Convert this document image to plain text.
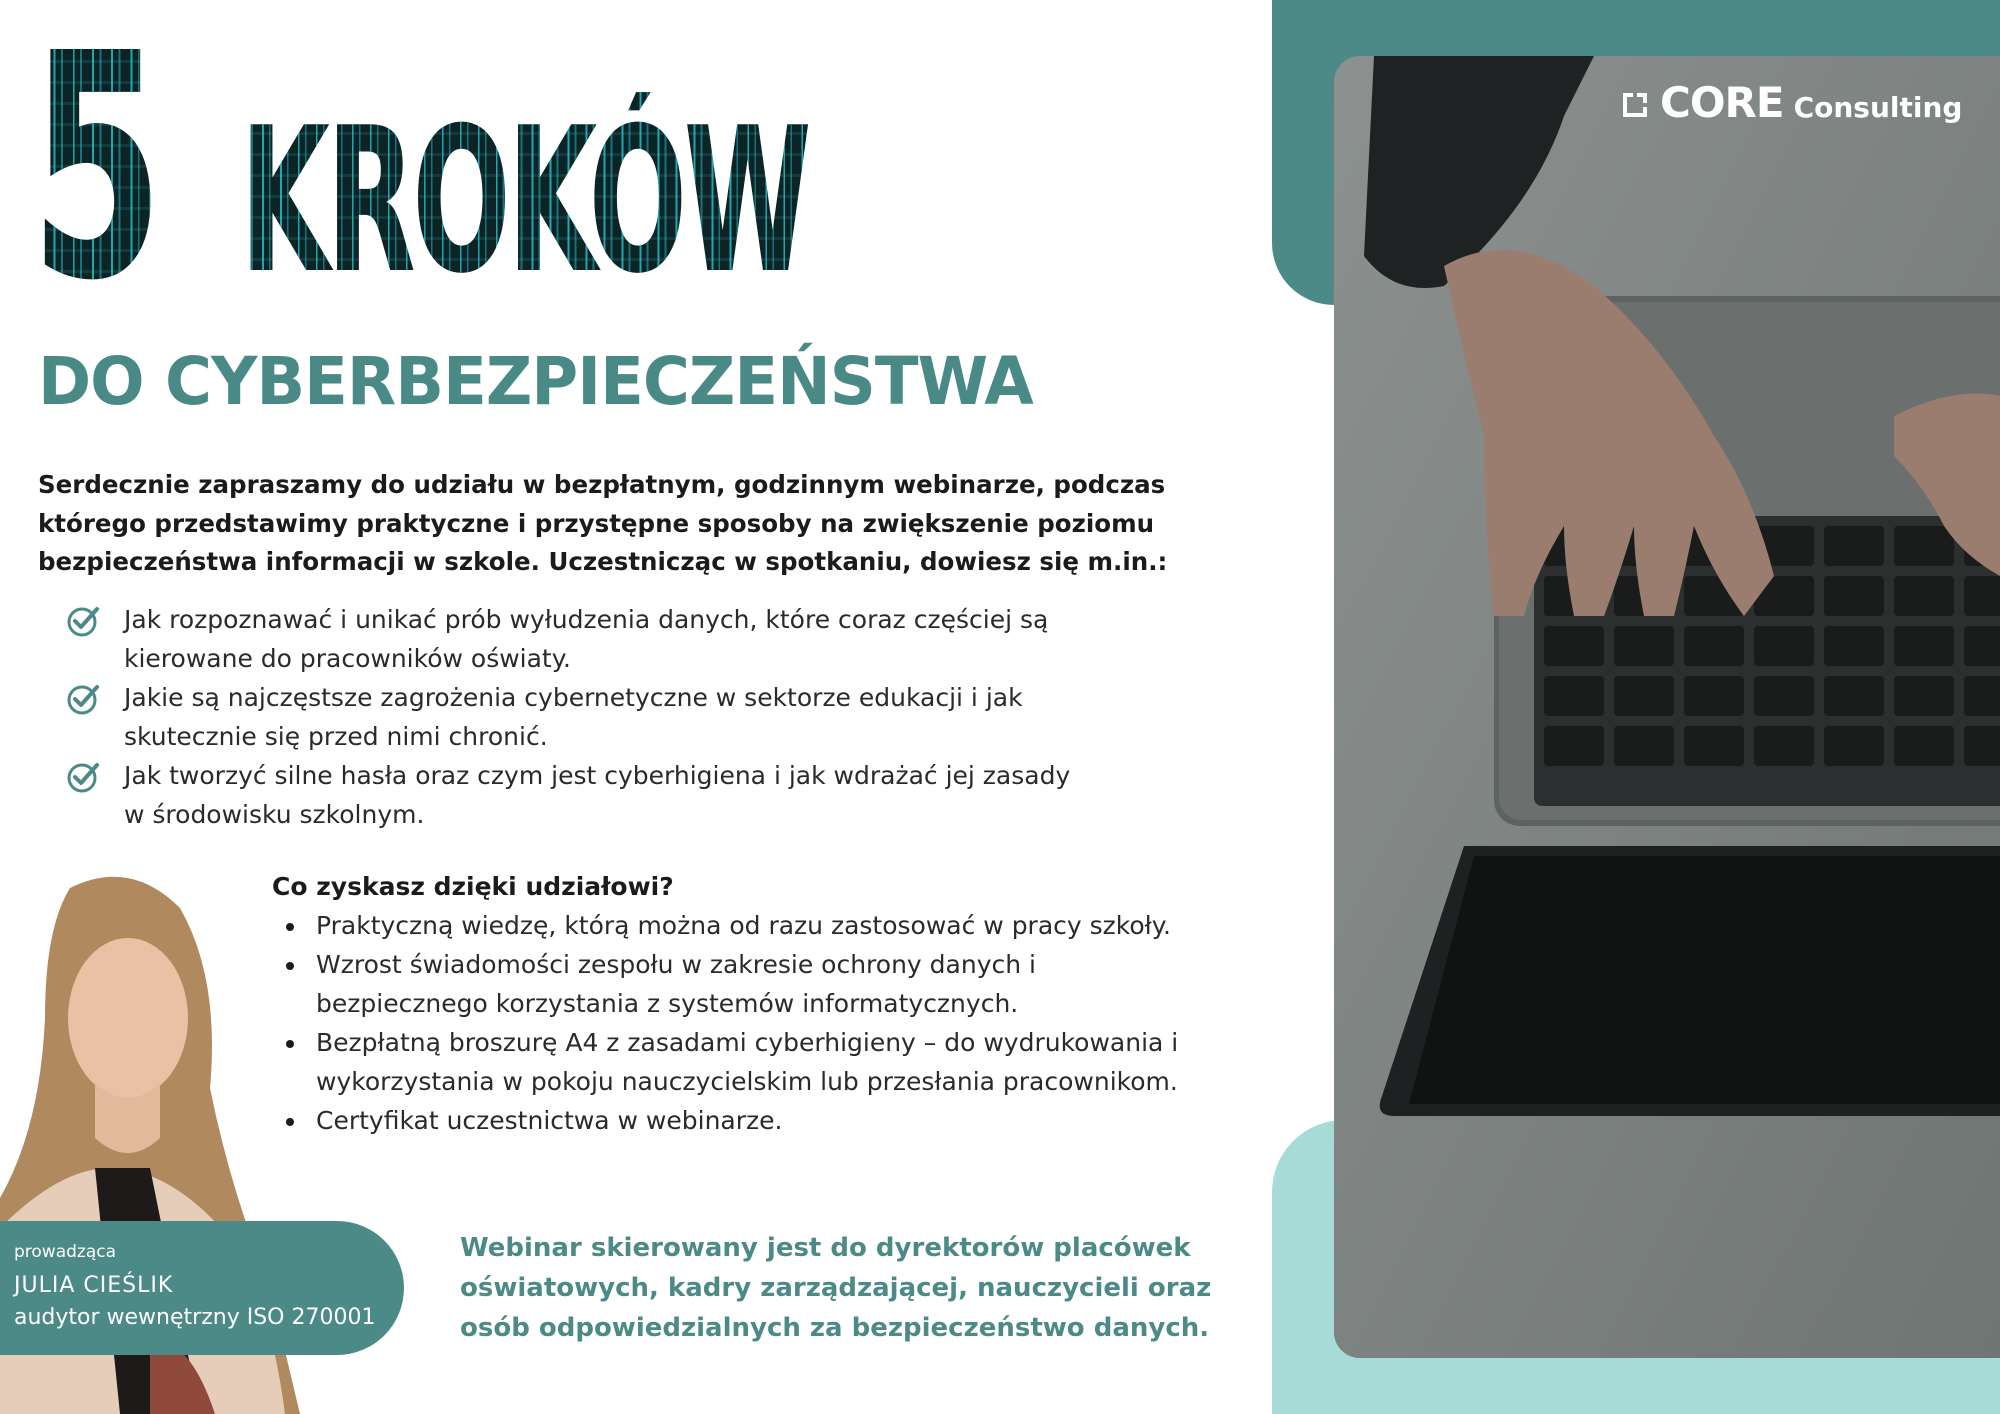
CORE Consulting
5 KROKÓW
DO CYBERBEZPIECZEŃSTWA
Serdecznie zapraszamy do udziału w bezpłatnym, godzinnym webinarze, podczas którego przedstawimy praktyczne i przystępne sposoby na zwiększenie poziomu bezpieczeństwa informacji w szkole. Uczestnicząc w spotkaniu, dowiesz się m.in.:
Jak rozpoznawać i unikać prób wyłudzenia danych, które coraz częściej są
kierowane do pracowników oświaty.
Jakie są najczęstsze zagrożenia cybernetyczne w sektorze edukacji i jak
skutecznie się przed nimi chronić.
Jak tworzyć silne hasła oraz czym jest cyberhigiena i jak wdrażać jej zasady
w środowisku szkolnym.
Co zyskasz dzięki udziałowi?
Praktyczną wiedzę, którą można od razu zastosować w pracy szkoły.
Wzrost świadomości zespołu w zakresie ochrony danych i
bezpiecznego korzystania z systemów informatycznych.
Bezpłatną broszurę A4 z zasadami cyberhigieny – do wydrukowania i
wykorzystania w pokoju nauczycielskim lub przesłania pracownikom.
Certyfikat uczestnictwa w webinarze.
prowadząca
JULIA CIEŚLIK
audytor wewnętrzny ISO 270001
Webinar skierowany jest do dyrektorów placówek oświatowych, kadry zarządzającej, nauczycieli oraz osób odpowiedzialnych za bezpieczeństwo danych.
